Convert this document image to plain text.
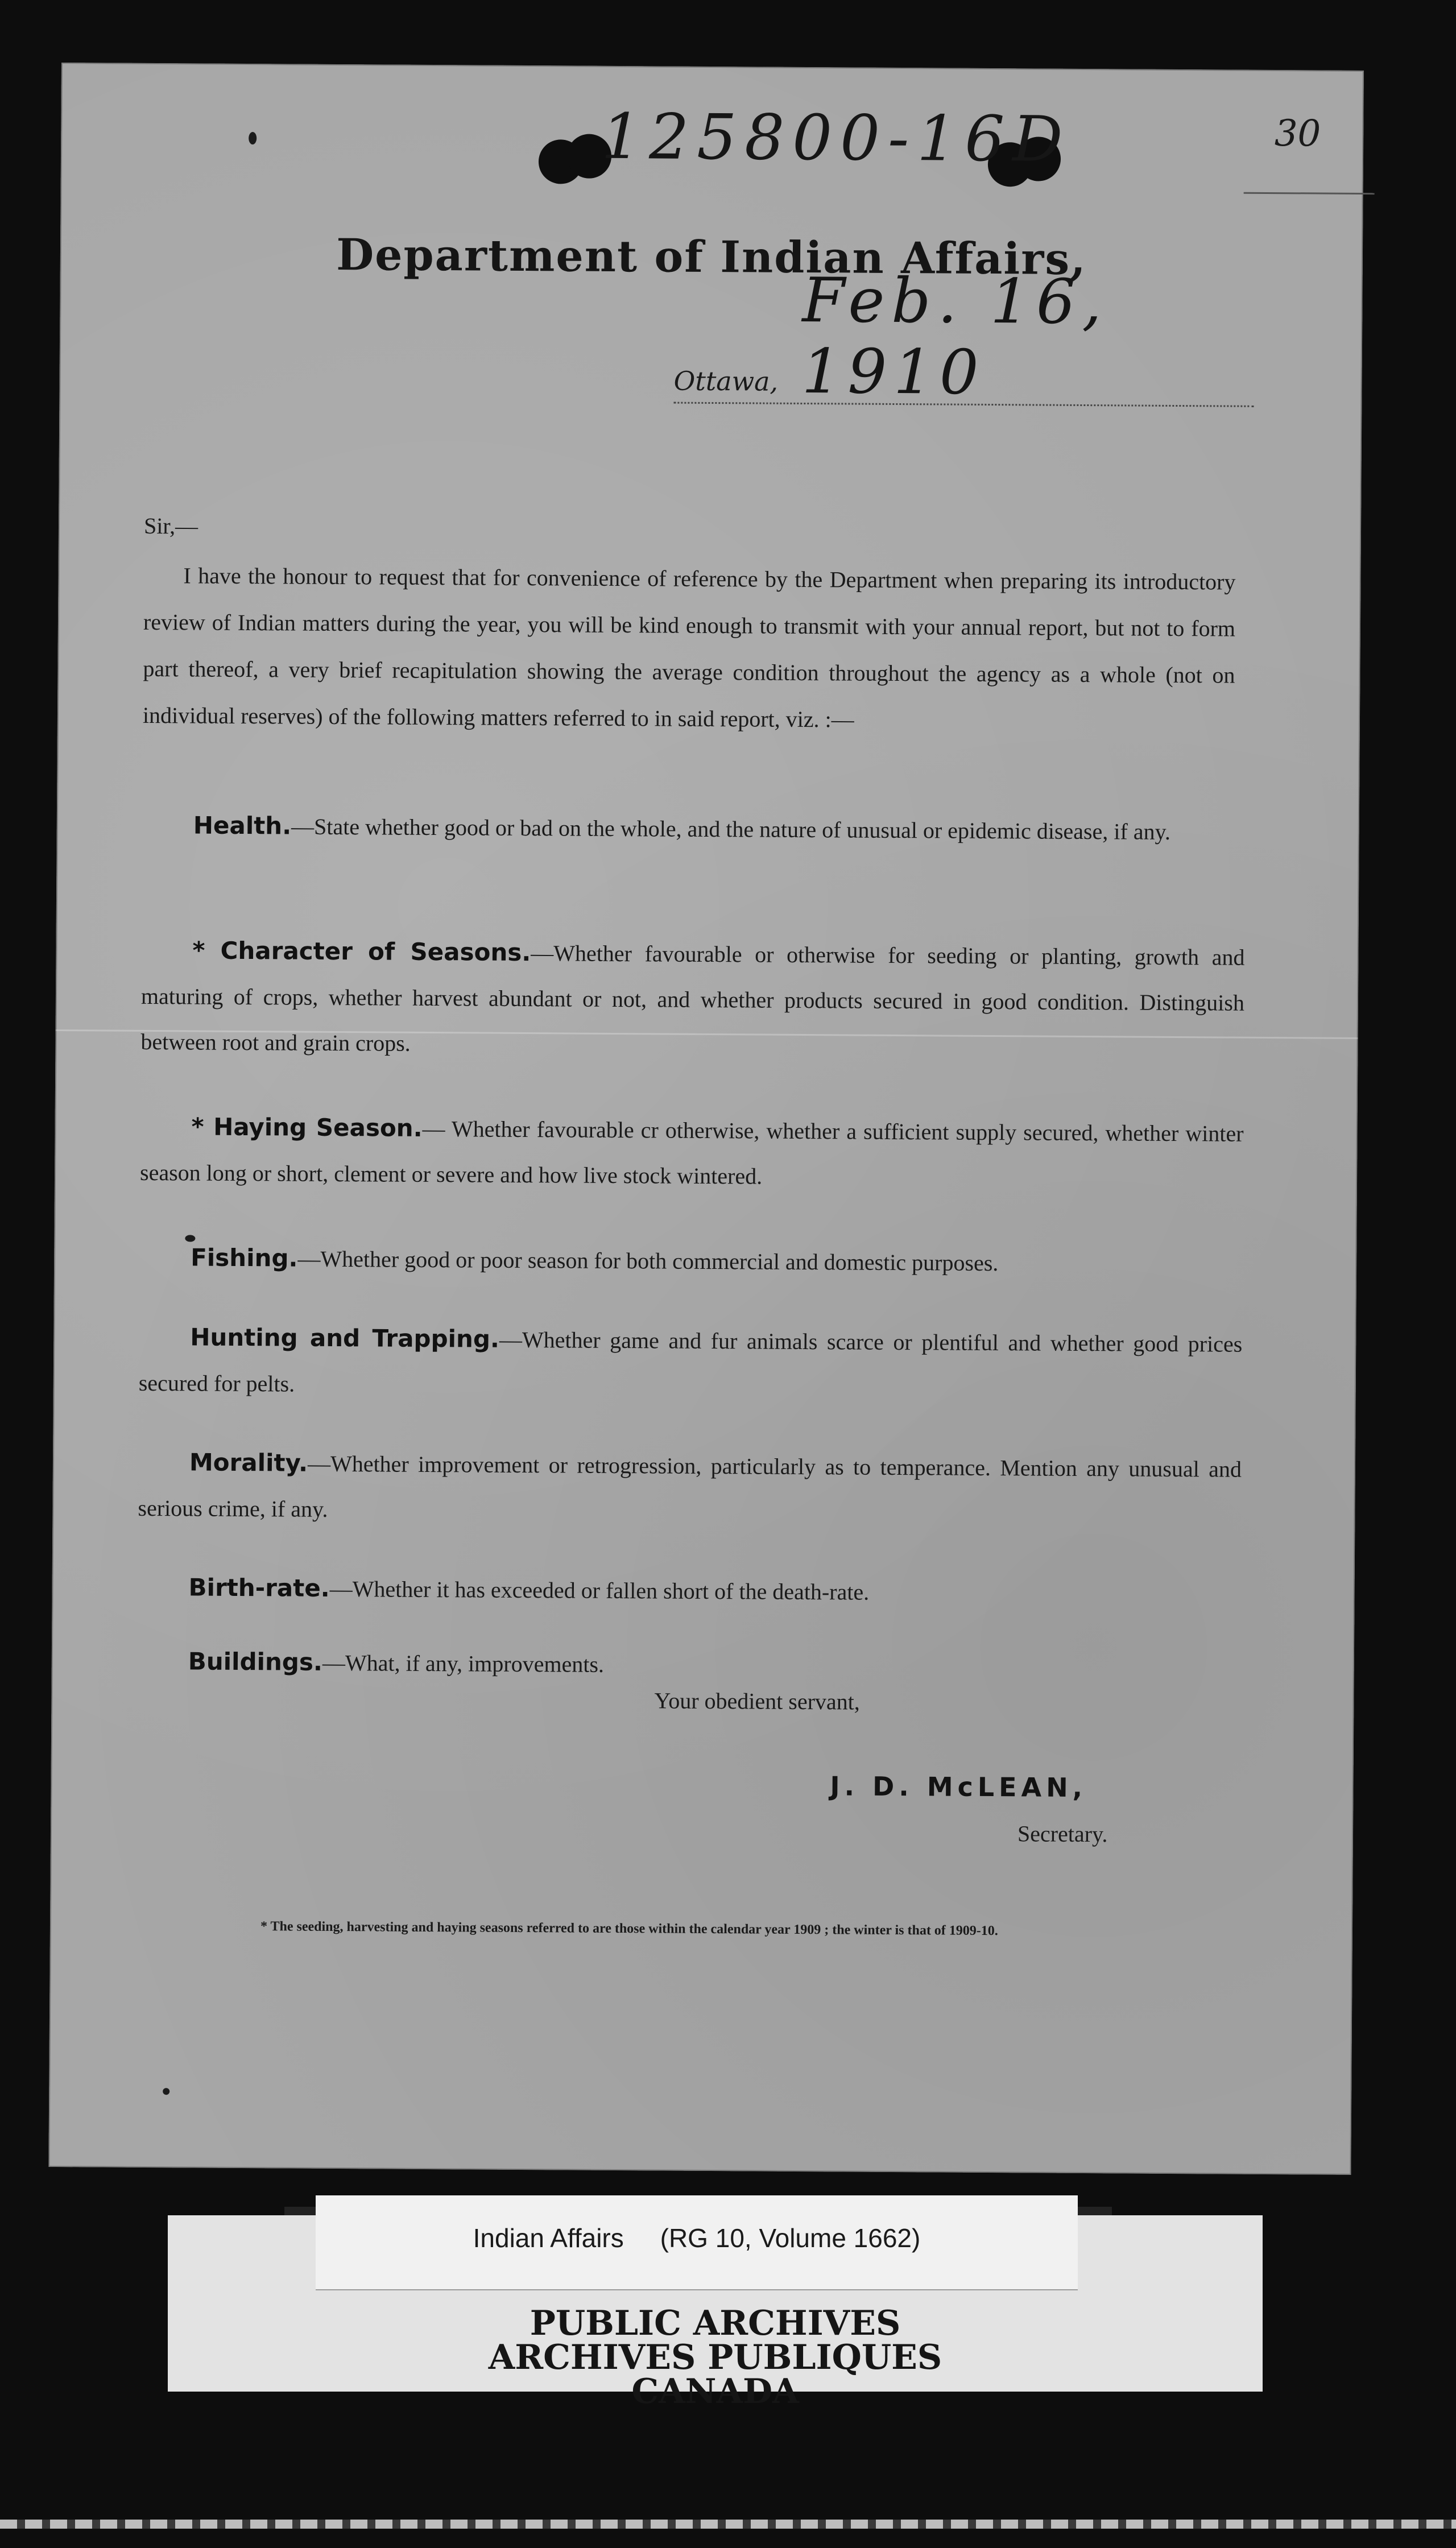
125800-16D	30
Department of Indian Affairs,
Ottawa,
Feb. 16, 1910
Sir,—
I have the honour to request that for convenience of reference by the Department when preparing its introductory review of Indian matters during the year, you will be kind enough to transmit with your annual report, but not to form part thereof, a very brief recapitulation showing the average condition throughout the agency as a whole (not on individual reserves) of the following matters referred to in said report, viz. :—
Health.—State whether good or bad on the whole, and the nature of unusual or epidemic disease, if any.
* Character of Seasons.—Whether favourable or otherwise for seeding or planting, growth and maturing of crops, whether harvest abundant or not, and whether products secured in good condition. Distinguish between root and grain crops.
* Haying Season.— Whether favourable cr otherwise, whether a sufficient supply secured, whether winter season long or short, clement or severe and how live stock wintered.
Fishing.—Whether good or poor season for both commercial and domestic purposes.
Hunting and Trapping.—Whether game and fur animals scarce or plentiful and whether good prices secured for pelts.
Morality.—Whether improvement or retrogression, particularly as to temperance. Mention any unusual and serious crime, if any.
Birth-rate.—Whether it has exceeded or fallen short of the death-rate.
Buildings.—What, if any, improvements.
Your obedient servant,
J. D. McLEAN,
Secretary.
* The seeding, harvesting and haying seasons referred to are those within the calendar year 1909 ; the winter is that of 1909-10.
Indian Affairs     (RG 10, Volume 1662)
PUBLIC ARCHIVES
ARCHIVES PUBLIQUES
CANADA
